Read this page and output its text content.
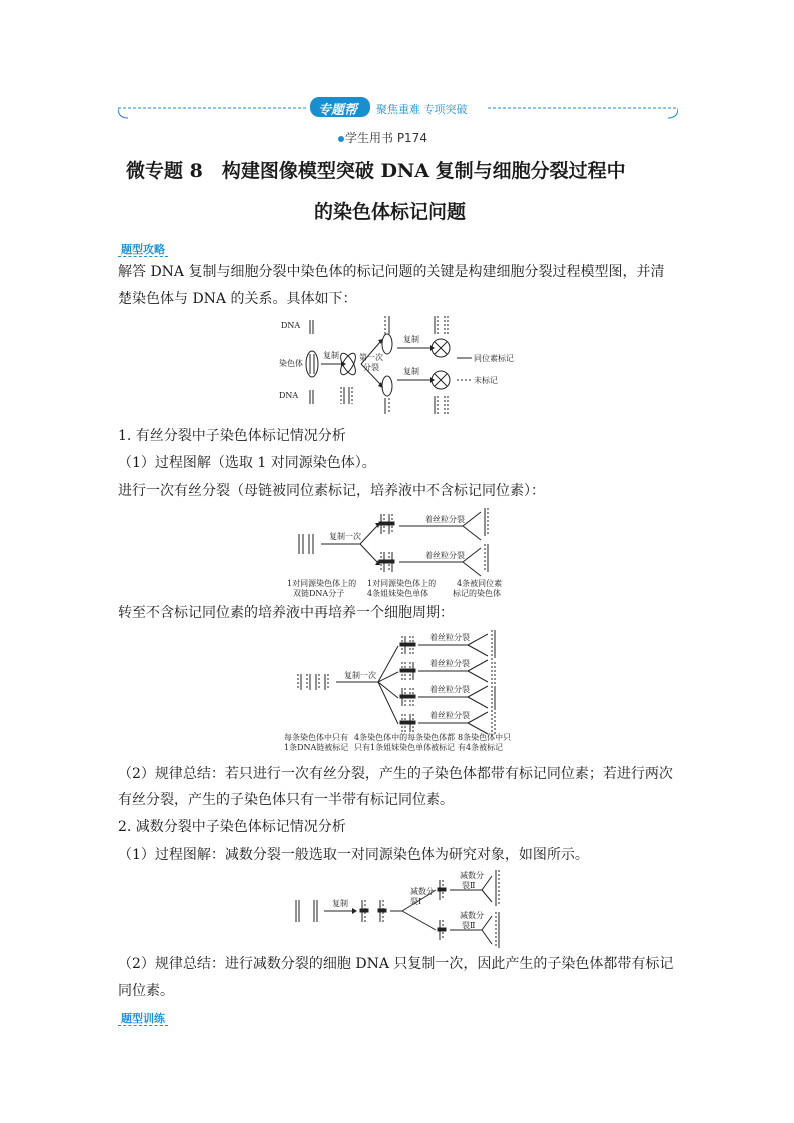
专题帮 聚焦重难 专项突破
学生用书 P174
微专题 8　构建图像模型突破 DNA 复制与细胞分裂过程中
的染色体标记问题
题型攻略
解答 DNA 复制与细胞分裂中染色体的标记问题的关键是构建细胞分裂过程模型图，并清
楚染色体与 DNA 的关系。具体如下：
DNA
染色体
DNA
复制	第一次
分裂
复制
复制
同位素标记
未标记
1. 有丝分裂中子染色体标记情况分析
（1）过程图解（选取 1 对同源染色体）。
进行一次有丝分裂（母链被同位素标记，培养液中不含标记同位素）：
复制一次
着丝粒分裂
着丝粒分裂
1对同源染色体上的
双链DNA分子
1对同源染色体上的
4条姐妹染色单体
4条被同位素
标记的染色体
转至不含标记同位素的培养液中再培养一个细胞周期：
复制一次
着丝粒分裂
着丝粒分裂
着丝粒分裂
着丝粒分裂
每条染色体中只有
1条DNA链被标记
4条染色体中的每条染色体都
只有1条姐妹染色单体被标记
8条染色体中只
有4条被标记
（2）规律总结：若只进行一次有丝分裂，产生的子染色体都带有标记同位素；若进行两次
有丝分裂，产生的子染色体只有一半带有标记同位素。
2. 减数分裂中子染色体标记情况分析
（1）过程图解：减数分裂一般选取一对同源染色体为研究对象，如图所示。
复制
减数分
裂Ⅰ
减数分
裂Ⅱ
减数分
裂Ⅱ
（2）规律总结：进行减数分裂的细胞 DNA 只复制一次，因此产生的子染色体都带有标记
同位素。
题型训练
